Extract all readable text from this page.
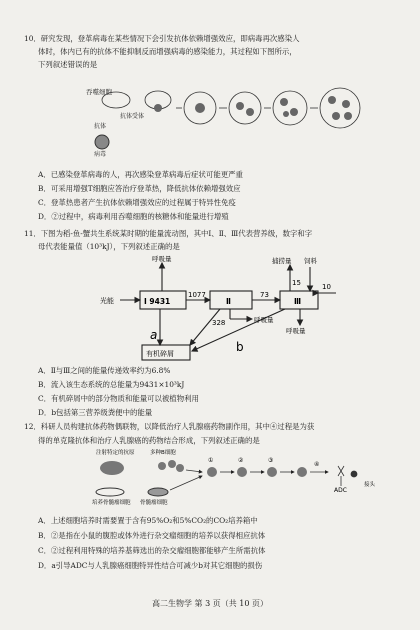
10．研究发现，登革病毒在某些情况下会引发抗体依赖增强效应，即病毒再次感染人
体时，体内已有的抗体不能抑制反而增强病毒的感染能力，其过程如下图所示，
下列叙述错误的是
吞噬细胞
抗体
抗体受体
病毒
A．已感染登革病毒的人，再次感染登革病毒后症状可能更严重
B．可采用增强T细胞应答治疗登革热，降低抗体依赖增强效应
C．登革热患者产生抗体依赖增强效应的过程属于特异性免疫
D．②过程中，病毒利用吞噬细胞的核糖体和能量进行增殖
11．下图为稻-鱼-蟹共生系统某时期的能量流动图，其中Ⅰ、Ⅱ、Ⅲ代表营养级，数字和字
母代表能量值（10³kJ），下列叙述正确的是
光能	Ⅰ 9431	Ⅱ	Ⅲ
呼吸量
呼吸量
呼吸量
捕捞量 饲料
1077	73
15	10
328
a
b
有机碎屑
A．Ⅱ与Ⅲ之间的能量传递效率约为6.8%
B．流入该生态系统的总能量为9431×10³kJ
C．有机碎屑中的部分物质和能量可以被植物利用
D．b包括第三营养级粪便中的能量
12．科研人员构建抗体药物偶联物，以降低治疗人乳腺癌药物副作用，其中④过程是为获
得的单克隆抗体和治疗人乳腺癌的药物结合形成，下列叙述正确的是
注射特定的抗原	多种B细胞
培养骨髓瘤细胞 骨髓瘤细胞
ADC
接头
①	②	③
④
A．上述细胞培养时需要置于含有95%O₂和5%CO₂的CO₂培养箱中
B．②是指在小鼠的腹腔或体外进行杂交瘤细胞的培养以获得相应抗体
C．②过程利用特殊的培养基筛选出的杂交瘤细胞都能够产生所需抗体
D．a引导ADC与人乳腺癌细胞特异性结合可减少b对其它细胞的损伤
高二生物学 第 3 页（共 10 页）
